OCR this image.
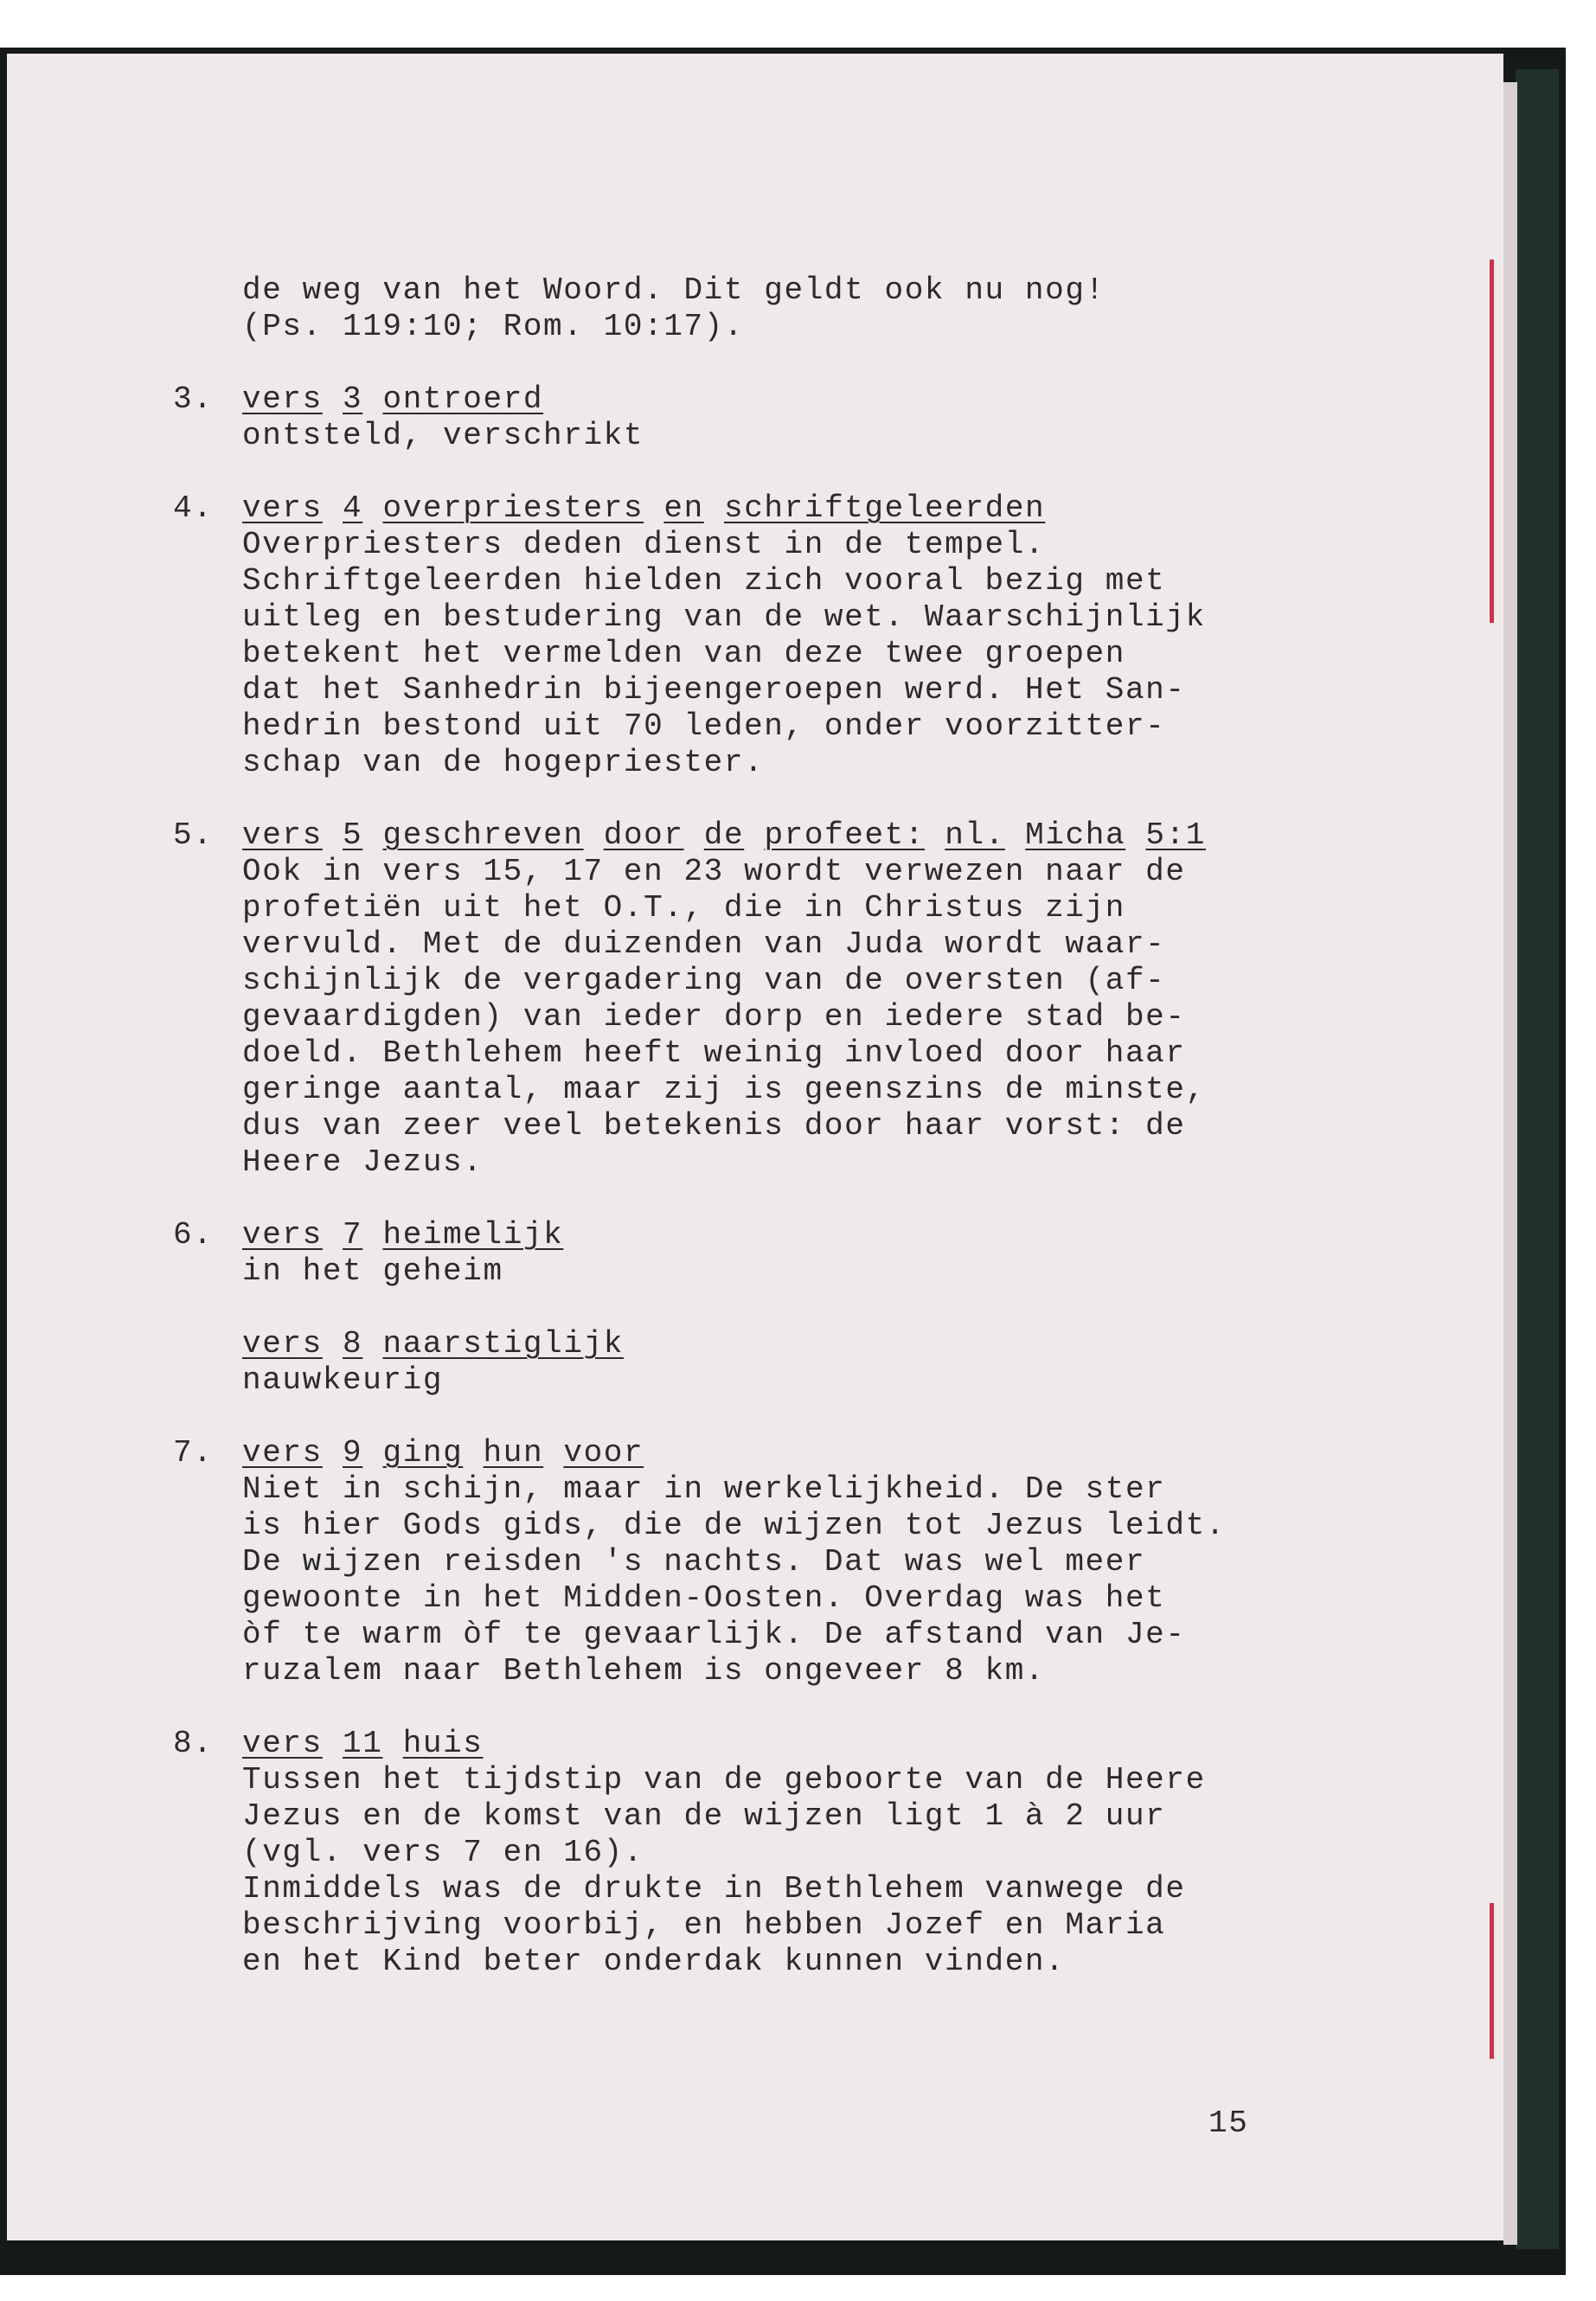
de weg van het Woord. Dit geldt ook nu nog!
(Ps. 119:10; Rom. 10:17).
3. vers 3 ontroerd
ontsteld, verschrikt
4. vers 4 overpriesters en schriftgeleerden
Overpriesters deden dienst in de tempel.
Schriftgeleerden hielden zich vooral bezig met
uitleg en bestudering van de wet. Waarschijnlijk
betekent het vermelden van deze twee groepen
dat het Sanhedrin bijeengeroepen werd. Het San-
hedrin bestond uit 70 leden, onder voorzitter-
schap van de hogepriester.
5. vers 5 geschreven door de profeet: nl. Micha 5:1
Ook in vers 15, 17 en 23 wordt verwezen naar de
profetiën uit het O.T., die in Christus zijn
vervuld. Met de duizenden van Juda wordt waar-
schijnlijk de vergadering van de oversten (af-
gevaardigden) van ieder dorp en iedere stad be-
doeld. Bethlehem heeft weinig invloed door haar
geringe aantal, maar zij is geenszins de minste,
dus van zeer veel betekenis door haar vorst: de
Heere Jezus.
6. vers 7 heimelijk
in het geheim
vers 8 naarstiglijk
nauwkeurig
7. vers 9 ging hun voor
Niet in schijn, maar in werkelijkheid. De ster
is hier Gods gids, die de wijzen tot Jezus leidt.
De wijzen reisden 's nachts. Dat was wel meer
gewoonte in het Midden-Oosten. Overdag was het
òf te warm òf te gevaarlijk. De afstand van Je-
ruzalem naar Bethlehem is ongeveer 8 km.
8. vers 11 huis
Tussen het tijdstip van de geboorte van de Heere
Jezus en de komst van de wijzen ligt 1 à 2 uur
(vgl. vers 7 en 16).
Inmiddels was de drukte in Bethlehem vanwege de
beschrijving voorbij, en hebben Jozef en Maria
en het Kind beter onderdak kunnen vinden.
15
